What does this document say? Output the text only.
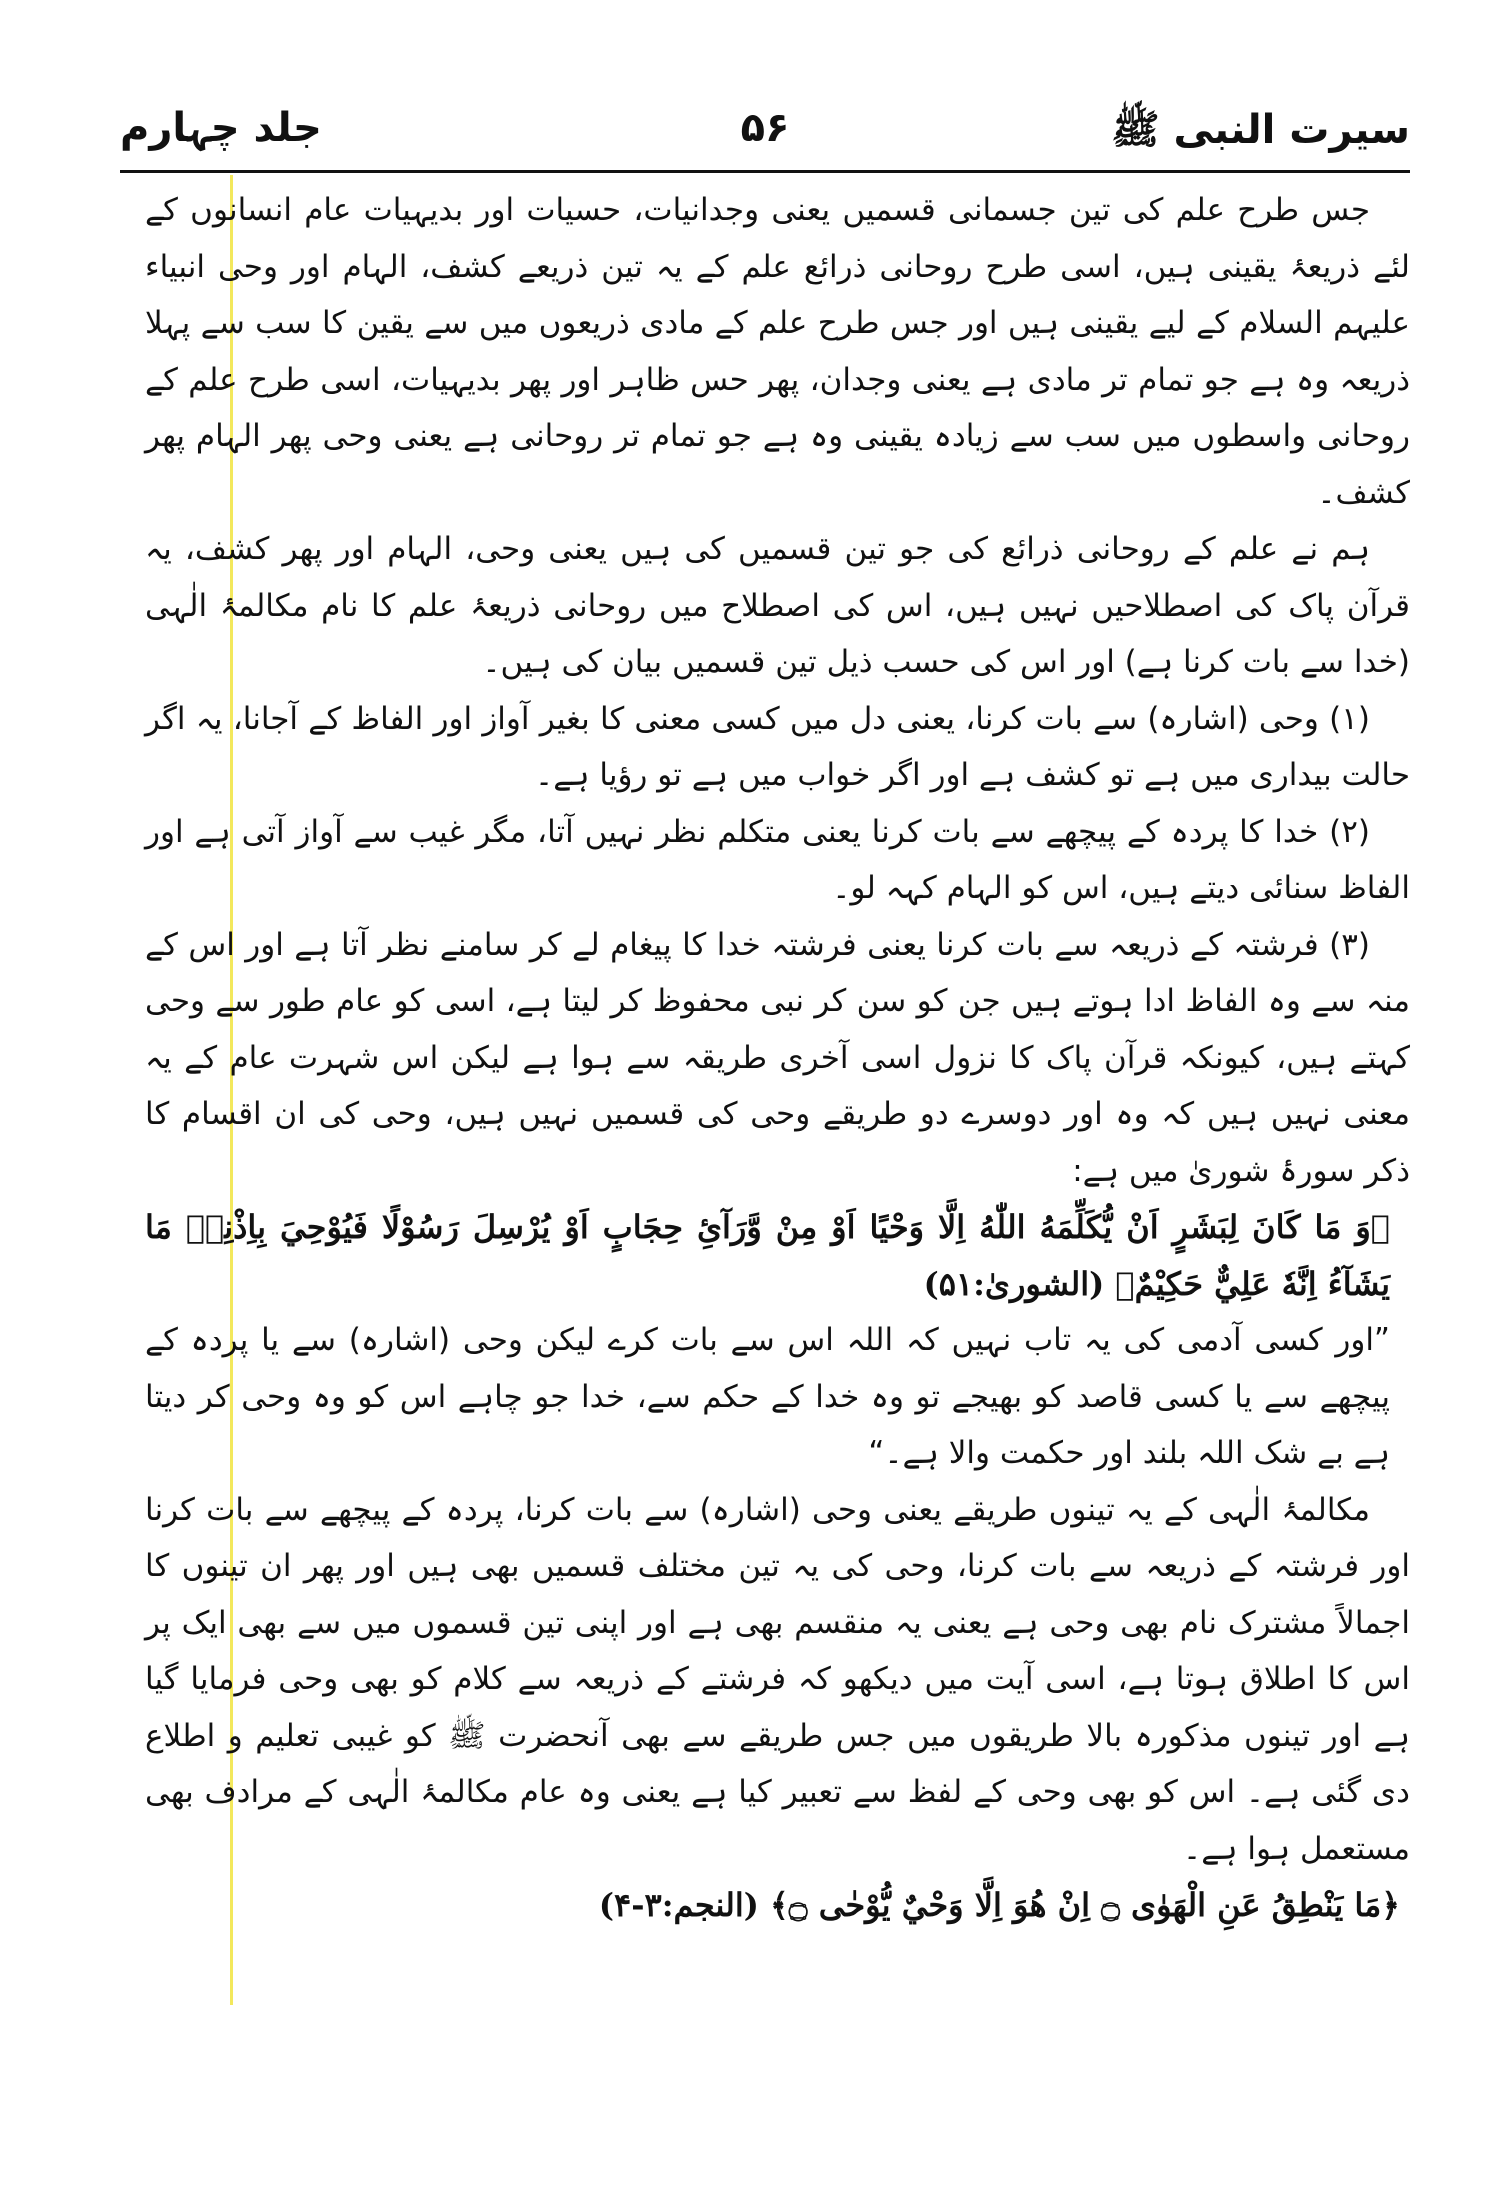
سیرت النبی ﷺ
۵۶
جلد چہارم

جس طرح علم کی تین جسمانی قسمیں یعنی وجدانیات، حسیات اور بدیہیات عام انسانوں کے لئے ذریعۂ یقینی ہیں، اسی طرح روحانی ذرائع علم کے یہ تین ذریعے کشف، الہام اور وحی انبیاء علیہم السلام کے لیے یقینی ہیں اور جس طرح علم کے مادی ذریعوں میں سے یقین کا سب سے پہلا ذریعہ وہ ہے جو تمام تر مادی ہے یعنی وجدان، پھر حس ظاہر اور پھر بدیہیات، اسی طرح علم کے روحانی واسطوں میں سب سے زیادہ یقینی وہ ہے جو تمام تر روحانی ہے یعنی وحی پھر الہام پھر کشف۔

ہم نے علم کے روحانی ذرائع کی جو تین قسمیں کی ہیں یعنی وحی، الہام اور پھر کشف، یہ قرآن پاک کی اصطلاحیں نہیں ہیں، اس کی اصطلاح میں روحانی ذریعۂ علم کا نام مکالمۂ الٰہی (خدا سے بات کرنا ہے) اور اس کی حسب ذیل تین قسمیں بیان کی ہیں۔

(۱) وحی (اشارہ) سے بات کرنا، یعنی دل میں کسی معنی کا بغیر آواز اور الفاظ کے آجانا، یہ اگر حالت بیداری میں ہے تو کشف ہے اور اگر خواب میں ہے تو رؤیا ہے۔

(۲) خدا کا پردہ کے پیچھے سے بات کرنا یعنی متکلم نظر نہیں آتا، مگر غیب سے آواز آتی ہے اور الفاظ سنائی دیتے ہیں، اس کو الہام کہہ لو۔

(۳) فرشتہ کے ذریعہ سے بات کرنا یعنی فرشتہ خدا کا پیغام لے کر سامنے نظر آتا ہے اور اس کے منہ سے وہ الفاظ ادا ہوتے ہیں جن کو سن کر نبی محفوظ کر لیتا ہے، اسی کو عام طور سے وحی کہتے ہیں، کیونکہ قرآن پاک کا نزول اسی آخری طریقہ سے ہوا ہے لیکن اس شہرت عام کے یہ معنی نہیں ہیں کہ وہ اور دوسرے دو طریقے وحی کی قسمیں نہیں ہیں، وحی کی ان اقسام کا ذکر سورۂ شوریٰ میں ہے:

﴿وَ مَا كَانَ لِبَشَرٍ اَنْ يُّكَلِّمَهُ اللّٰهُ اِلَّا وَحْيًا اَوْ مِنْ وَّرَآئِ حِجَابٍ اَوْ يُرْسِلَ رَسُوْلًا فَيُوْحِيَ بِاِذْنِهٖ مَا يَشَآءُ اِنَّهٗ عَلِيٌّ حَكِيْمٌ﴾ (الشوریٰ:۵۱)

”اور کسی آدمی کی یہ تاب نہیں کہ اللہ اس سے بات کرے لیکن وحی (اشارہ) سے یا پردہ کے پیچھے سے یا کسی قاصد کو بھیجے تو وہ خدا کے حکم سے، خدا جو چاہے اس کو وہ وحی کر دیتا ہے بے شک اللہ بلند اور حکمت والا ہے۔“

مکالمۂ الٰہی کے یہ تینوں طریقے یعنی وحی (اشارہ) سے بات کرنا، پردہ کے پیچھے سے بات کرنا اور فرشتہ کے ذریعہ سے بات کرنا، وحی کی یہ تین مختلف قسمیں بھی ہیں اور پھر ان تینوں کا اجمالاً مشترک نام بھی وحی ہے یعنی یہ منقسم بھی ہے اور اپنی تین قسموں میں سے بھی ایک پر اس کا اطلاق ہوتا ہے، اسی آیت میں دیکھو کہ فرشتے کے ذریعہ سے کلام کو بھی وحی فرمایا گیا ہے اور تینوں مذکورہ بالا طریقوں میں جس طریقے سے بھی آنحضرت ﷺ کو غیبی تعلیم و اطلاع دی گئی ہے۔ اس کو بھی وحی کے لفظ سے تعبیر کیا ہے یعنی وہ عام مکالمۂ الٰہی کے مرادف بھی مستعمل ہوا ہے۔

﴿مَا يَنْطِقُ عَنِ الْهَوٰى ۝ اِنْ هُوَ اِلَّا وَحْيٌ يُّوْحٰى ۝﴾ (النجم:۳-۴)
